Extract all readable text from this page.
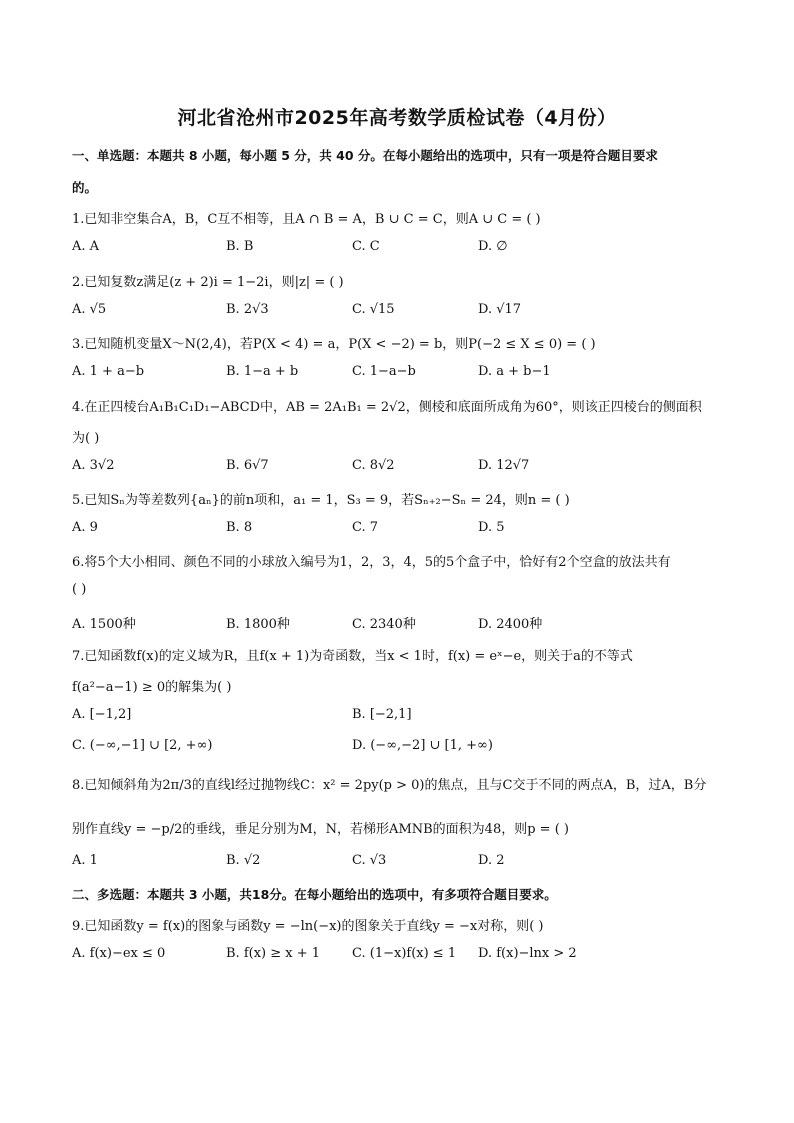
河北省沧州市2025年高考数学质检试卷（4月份）
一、单选题：本题共 8 小题，每小题 5 分，共 40 分。在每小题给出的选项中，只有一项是符合题目要求
的。
1.已知非空集合A，B，C互不相等，且A ∩ B = A，B ∪ C = C，则A ∪ C = ( )
A. A	B. B	C. C	D. ∅
2.已知复数z满足(z + 2)i = 1−2i，则|z| = ( )
A. √5	B. 2√3	C. √15	D. √17
3.已知随机变量X～N(2,4)，若P(X < 4) = a，P(X < −2) = b，则P(−2 ≤ X ≤ 0) = ( )
A. 1 + a−b	B. 1−a + b	C. 1−a−b	D. a + b−1
4.在正四棱台A₁B₁C₁D₁−ABCD中，AB = 2A₁B₁ = 2√2，侧棱和底面所成角为60°，则该正四棱台的侧面积
为( )
A. 3√2	B. 6√7	C. 8√2	D. 12√7
5.已知Sₙ为等差数列{aₙ}的前n项和，a₁ = 1，S₃ = 9，若Sₙ₊₂−Sₙ = 24，则n = ( )
A. 9	B. 8	C. 7	D. 5
6.将5个大小相同、颜色不同的小球放入编号为1，2，3，4，5的5个盒子中，恰好有2个空盒的放法共有
( )
A. 1500种	B. 1800种	C. 2340种	D. 2400种
7.已知函数f(x)的定义域为R，且f(x + 1)为奇函数，当x < 1时，f(x) = eˣ−e，则关于a的不等式
f(a²−a−1) ≥ 0的解集为( )
A. [−1,2]	B. [−2,1]
C. (−∞,−1] ∪ [2, +∞)	D. (−∞,−2] ∪ [1, +∞)
8.已知倾斜角为2π/3的直线l经过抛物线C：x² = 2py(p > 0)的焦点，且与C交于不同的两点A，B，过A，B分
别作直线y = −p/2的垂线，垂足分别为M，N，若梯形AMNB的面积为48，则p = ( )
A. 1	B. √2	C. √3	D. 2
二、多选题：本题共 3 小题，共18分。在每小题给出的选项中，有多项符合题目要求。
9.已知函数y = f(x)的图象与函数y = −ln(−x)的图象关于直线y = −x对称，则( )
A. f(x)−ex ≤ 0	B. f(x) ≥ x + 1 C. (1−x)f(x) ≤ 1 D. f(x)−lnx > 2
